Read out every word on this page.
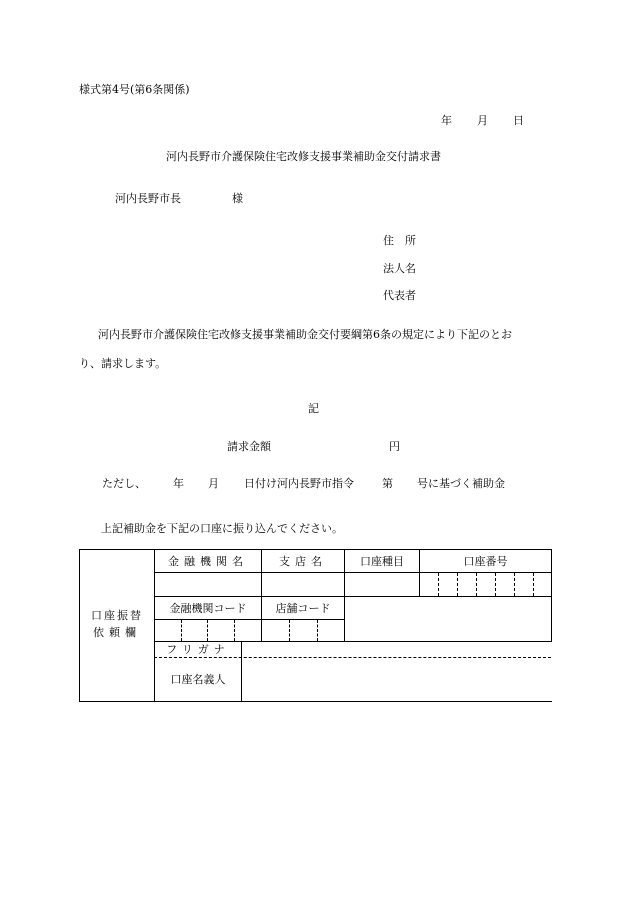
様式第4号(第6条関係)
年 月 日
河内長野市介護保険住宅改修支援事業補助金交付請求書
河内長野市長	様
住　所
法人名
代表者
河内長野市介護保険住宅改修支援事業補助金交付要綱第6条の規定により下記のとお
り、請求します。
記
請求金額	円
ただし、 年 月 日付け河内長野市指令	第 号に基づく補助金
上記補助金を下記の口座に振り込んでください。
口座振替
依頼欄
金融機関名	支店名	口座種目	口座番号
金融機関コード	店舗コード
フリガナ
口座名義人
